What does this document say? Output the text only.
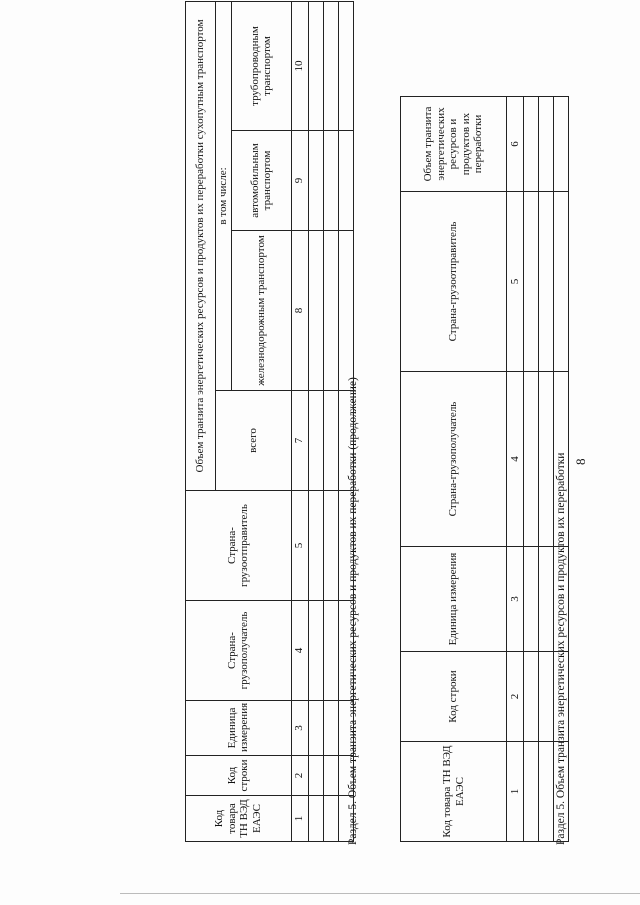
8
Раздел 5. Объем транзита энергетических ресурсов и продуктов их переработки
Код товара ТН ВЭД ЕАЭС	Код строки	Единица измерения	Страна-грузополучатель	Страна-грузоотправитель	Объем транзита энергетических ресурсов и продуктов их переработки
1	2	3	4	5	6

Раздел 5. Объем транзита энергетических ресурсов и продуктов их переработки (продолжение)
Код товара ТН ВЭД ЕАЭС	Код строки	Единица измерения	Страна-грузополучатель	Страна-грузоотправитель	Объем транзита энергетических ресурсов и продуктов их переработки сухопутным транспортом			
					всего	в том числе:		
						железнодорожным транспортом	автомобильным транспортом	трубопроводным транспортом
1	2	3	4	5	7	8	9	10
